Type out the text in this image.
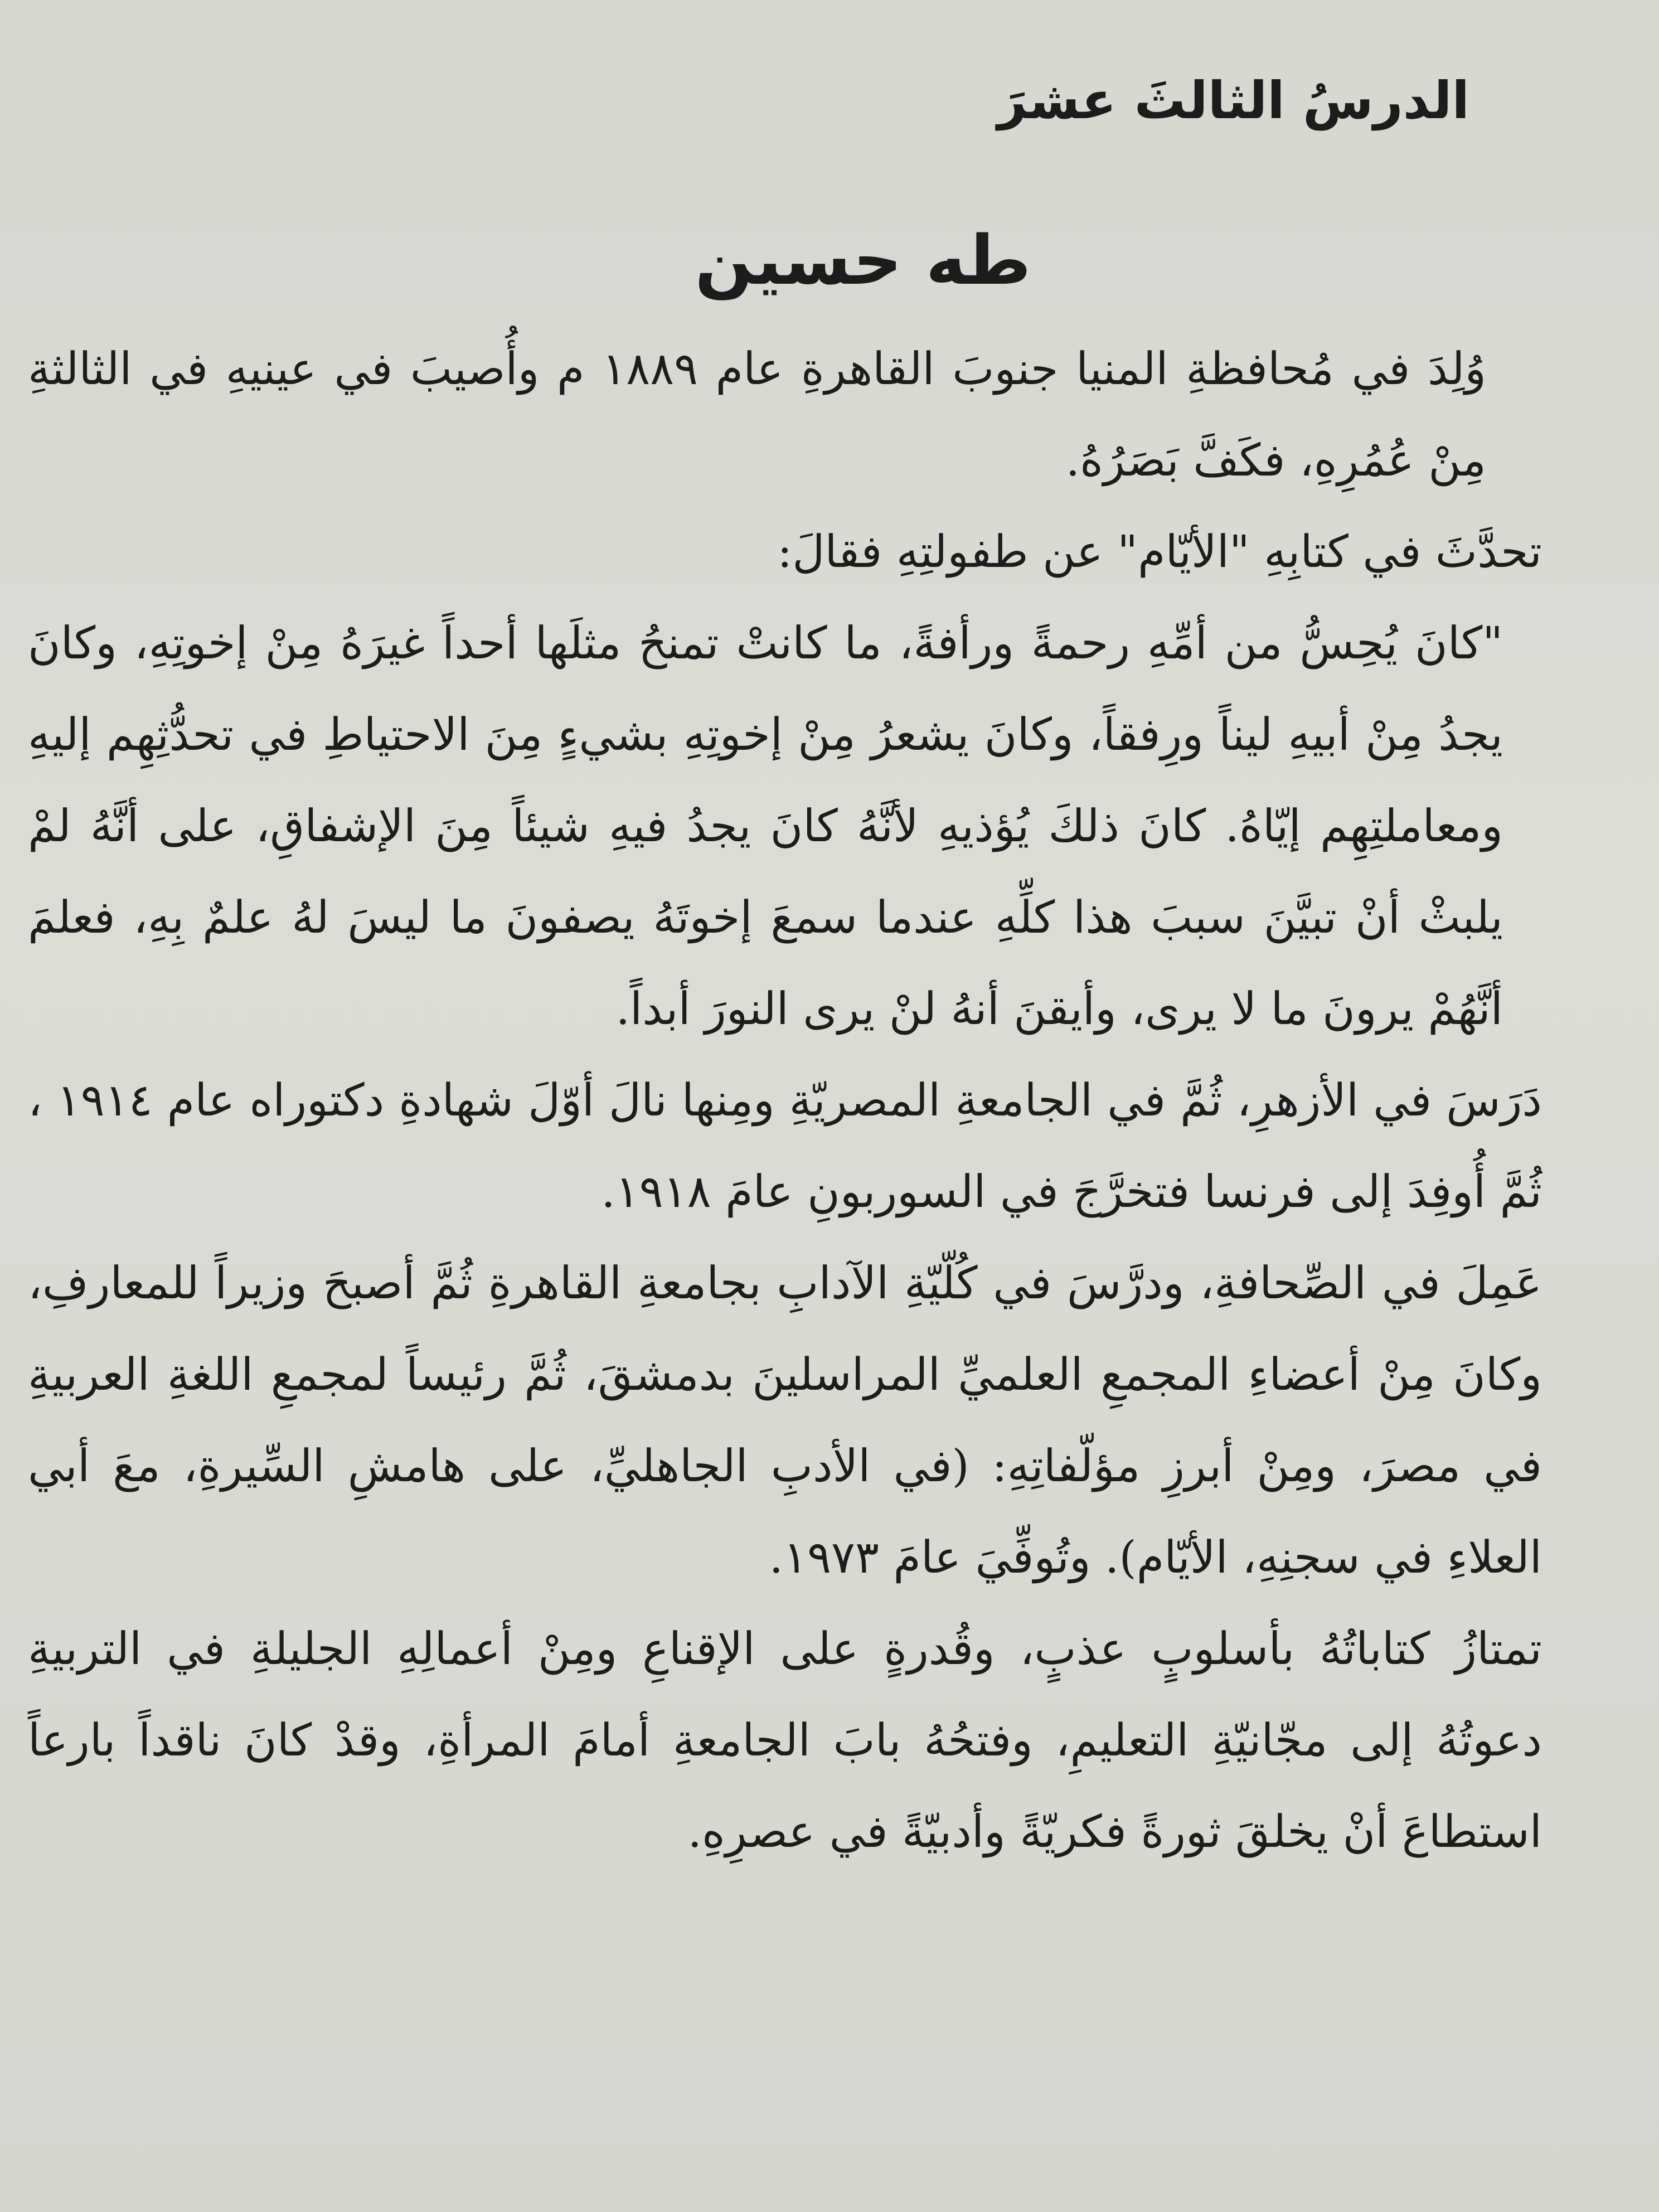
الدرسُ الثالثَ عشرَ
طه حسين

وُلِدَ في مُحافظةِ المنيا جنوبَ القاهرةِ عام ١٨٨٩ م وأُصيبَ في عينيهِ في الثالثةِ مِنْ عُمُرِهِ، فكَفَّ بَصَرُهُ.

تحدَّثَ في كتابِهِ "الأيّام" عن طفولتِهِ فقالَ:

"كانَ يُحِسُّ من أمِّهِ رحمةً ورأفةً، ما كانتْ تمنحُ مثلَها أحداً غيرَهُ مِنْ إخوتِهِ، وكانَ يجدُ مِنْ أبيهِ ليناً ورِفقاً، وكانَ يشعرُ مِنْ إخوتِهِ بشيءٍ مِنَ الاحتياطِ في تحدُّثِهِم إليهِ ومعاملتِهِم إيّاهُ. كانَ ذلكَ يُؤذيهِ لأنَّهُ كانَ يجدُ فيهِ شيئاً مِنَ الإشفاقِ، على أنَّهُ لمْ يلبثْ أنْ تبيَّنَ سببَ هذا كلِّهِ عندما سمعَ إخوتَهُ يصفونَ ما ليسَ لهُ علمٌ بِهِ، فعلمَ أنَّهُمْ يرونَ ما لا يرى، وأيقنَ أنهُ لنْ يرى النورَ أبداً.

دَرَسَ في الأزهرِ، ثُمَّ في الجامعةِ المصريّةِ ومِنها نالَ أوّلَ شهادةِ دكتوراه عام ١٩١٤ ، ثُمَّ أُوفِدَ إلى فرنسا فتخرَّجَ في السوربونِ عامَ ١٩١٨.

عَمِلَ في الصِّحافةِ، ودرَّسَ في كُلّيّةِ الآدابِ بجامعةِ القاهرةِ ثُمَّ أصبحَ وزيراً للمعارفِ، وكانَ مِنْ أعضاءِ المجمعِ العلميِّ المراسلينَ بدمشقَ، ثُمَّ رئيساً لمجمعِ اللغةِ العربيةِ في مصرَ، ومِنْ أبرزِ مؤلّفاتِهِ: (في الأدبِ الجاهليِّ، على هامشِ السِّيرةِ، معَ أبي العلاءِ في سجنِهِ، الأيّام). وتُوفِّيَ عامَ ١٩٧٣.

تمتازُ كتاباتُهُ بأسلوبٍ عذبٍ، وقُدرةٍ على الإقناعِ ومِنْ أعمالِهِ الجليلةِ في التربيةِ دعوتُهُ إلى مجّانيّةِ التعليمِ، وفتحُهُ بابَ الجامعةِ أمامَ المرأةِ، وقدْ كانَ ناقداً بارعاً استطاعَ أنْ يخلقَ ثورةً فكريّةً وأدبيّةً في عصرِهِ.
